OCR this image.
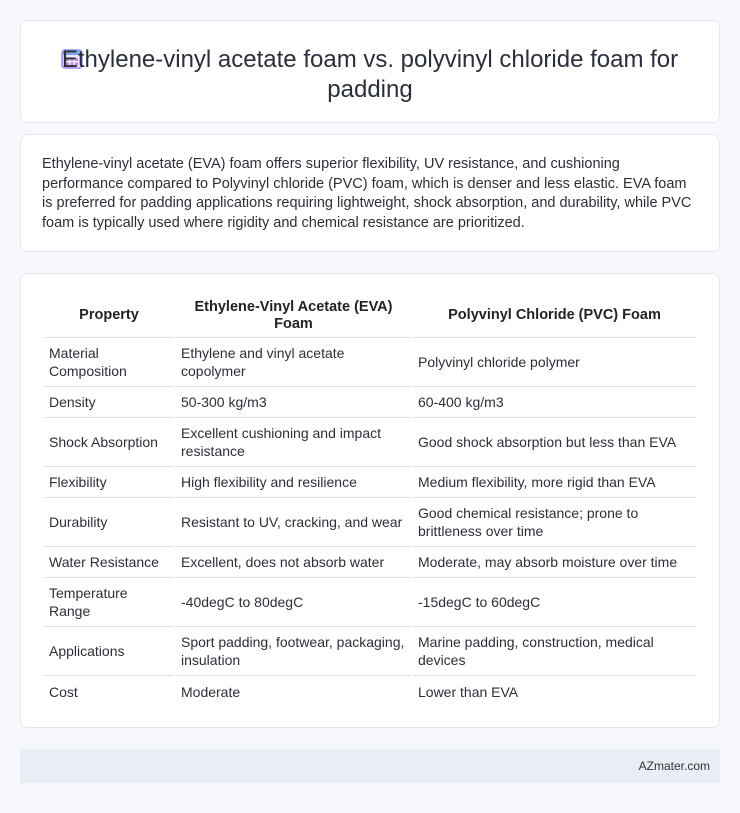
Ethylene-vinyl acetate foam vs. polyvinyl chloride foam for padding

Ethylene-vinyl acetate (EVA) foam offers superior flexibility, UV resistance, and cushioning performance compared to Polyvinyl chloride (PVC) foam, which is denser and less elastic. EVA foam is preferred for padding applications requiring lightweight, shock absorption, and durability, while PVC foam is typically used where rigidity and chemical resistance are prioritized.

Property	Ethylene-Vinyl Acetate (EVA) Foam	Polyvinyl Chloride (PVC) Foam
Material Composition	Ethylene and vinyl acetate copolymer	Polyvinyl chloride polymer
Density	50-300 kg/m3	60-400 kg/m3
Shock Absorption	Excellent cushioning and impact resistance	Good shock absorption but less than EVA
Flexibility	High flexibility and resilience	Medium flexibility, more rigid than EVA
Durability	Resistant to UV, cracking, and wear	Good chemical resistance; prone to brittleness over time
Water Resistance	Excellent, does not absorb water	Moderate, may absorb moisture over time
Temperature Range	-40degC to 80degC	-15degC to 60degC
Applications	Sport padding, footwear, packaging, insulation	Marine padding, construction, medical devices
Cost	Moderate	Lower than EVA
AZmater.com
